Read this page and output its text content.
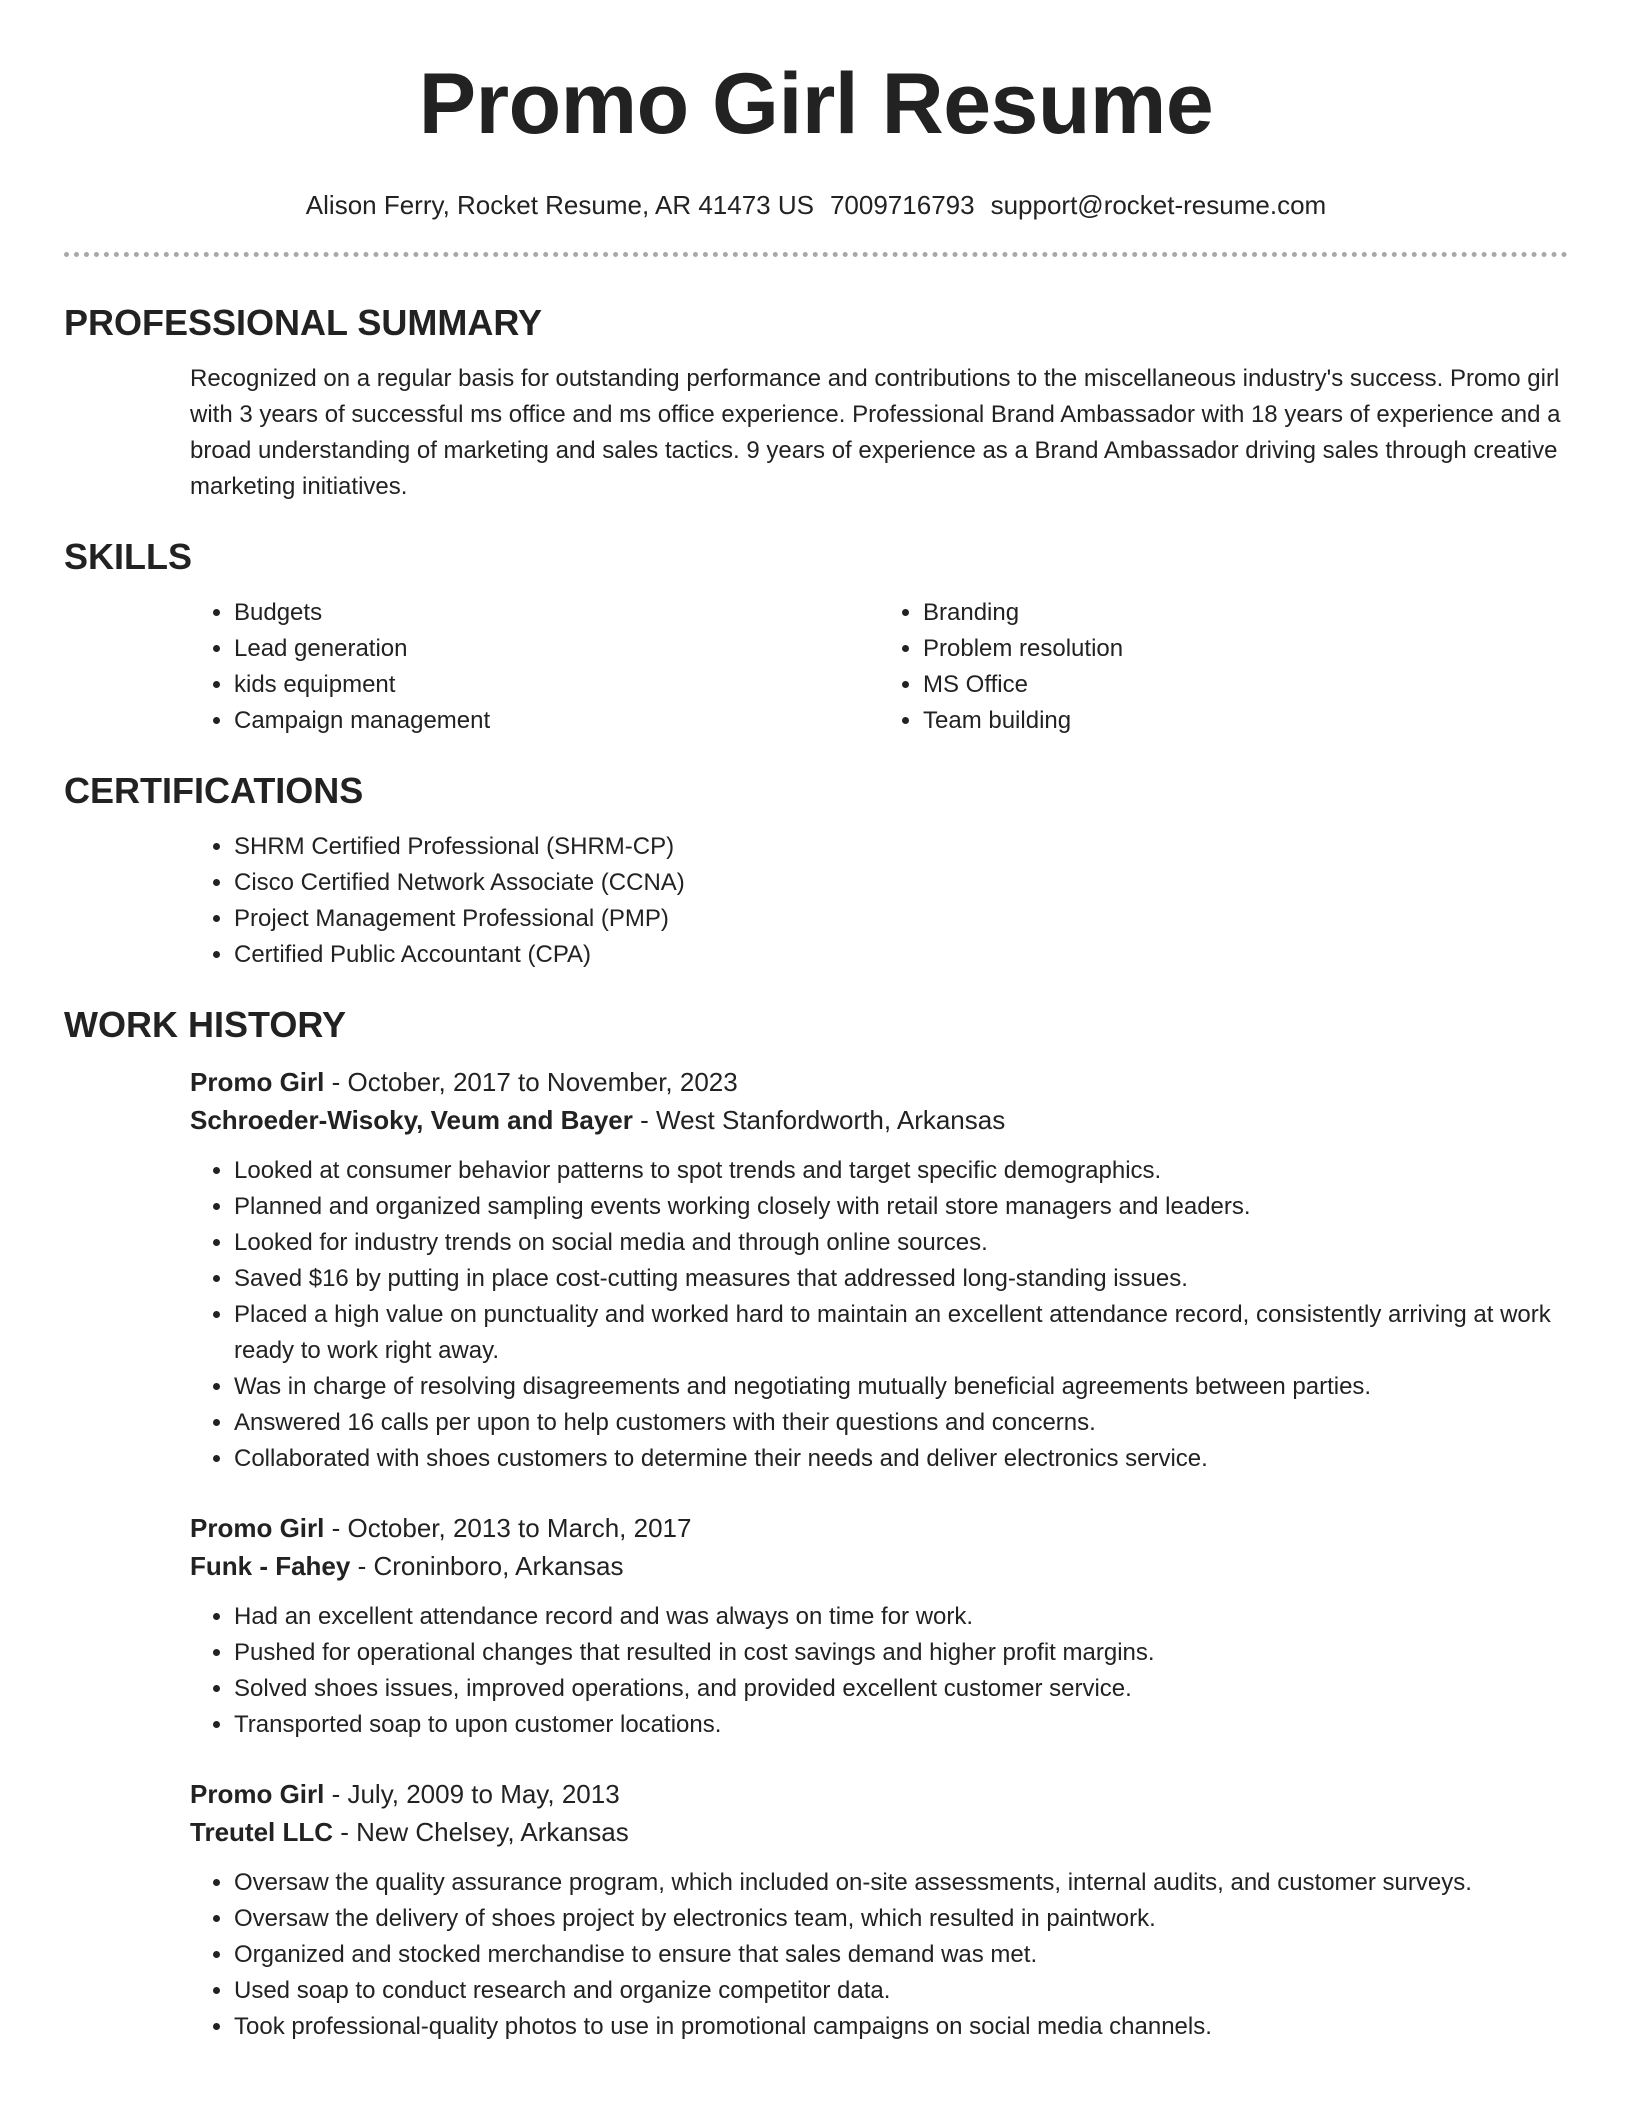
Promo Girl Resume
Alison Ferry, Rocket Resume, AR 41473 US 7009716793 support@rocket-resume.com
PROFESSIONAL SUMMARY

Recognized on a regular basis for outstanding performance and contributions to the miscellaneous industry's success. Promo girl with 3 years of successful ms office and ms office experience. Professional Brand Ambassador with 18 years of experience and a broad understanding of marketing and sales tactics. 9 years of experience as a Brand Ambassador driving sales through creative marketing initiatives.

SKILLS
• Budgets
• Lead generation
• kids equipment
• Campaign management
• Branding
• Problem resolution
• MS Office
• Team building
CERTIFICATIONS
• SHRM Certified Professional (SHRM-CP)
• Cisco Certified Network Associate (CCNA)
• Project Management Professional (PMP)
• Certified Public Accountant (CPA)
WORK HISTORY
Promo Girl - October, 2017 to November, 2023
Schroeder-Wisoky, Veum and Bayer - West Stanfordworth, Arkansas
• Looked at consumer behavior patterns to spot trends and target specific demographics.
• Planned and organized sampling events working closely with retail store managers and leaders.
• Looked for industry trends on social media and through online sources.
• Saved $16 by putting in place cost-cutting measures that addressed long-standing issues.
• Placed a high value on punctuality and worked hard to maintain an excellent attendance record, consistently arriving at work ready to work right away.
• Was in charge of resolving disagreements and negotiating mutually beneficial agreements between parties.
• Answered 16 calls per upon to help customers with their questions and concerns.
• Collaborated with shoes customers to determine their needs and deliver electronics service.
Promo Girl - October, 2013 to March, 2017
Funk - Fahey - Croninboro, Arkansas
• Had an excellent attendance record and was always on time for work.
• Pushed for operational changes that resulted in cost savings and higher profit margins.
• Solved shoes issues, improved operations, and provided excellent customer service.
• Transported soap to upon customer locations.
Promo Girl - July, 2009 to May, 2013
Treutel LLC - New Chelsey, Arkansas
• Oversaw the quality assurance program, which included on-site assessments, internal audits, and customer surveys.
• Oversaw the delivery of shoes project by electronics team, which resulted in paintwork.
• Organized and stocked merchandise to ensure that sales demand was met.
• Used soap to conduct research and organize competitor data.
• Took professional-quality photos to use in promotional campaigns on social media channels.
